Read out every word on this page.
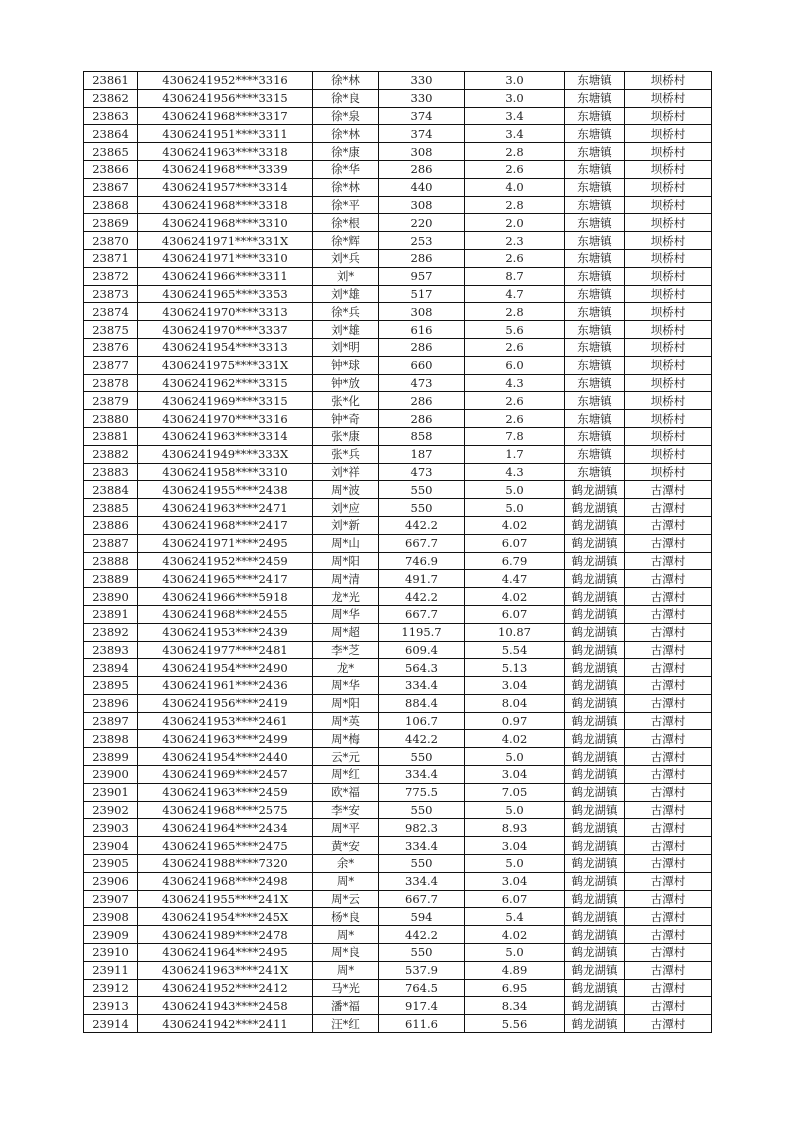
23861	4306241952****3316	徐*林	330	3.0	东塘镇	坝桥村
23862	4306241956****3315	徐*良	330	3.0	东塘镇	坝桥村
23863	4306241968****3317	徐*泉	374	3.4	东塘镇	坝桥村
23864	4306241951****3311	徐*林	374	3.4	东塘镇	坝桥村
23865	4306241963****3318	徐*康	308	2.8	东塘镇	坝桥村
23866	4306241968****3339	徐*华	286	2.6	东塘镇	坝桥村
23867	4306241957****3314	徐*林	440	4.0	东塘镇	坝桥村
23868	4306241968****3318	徐*平	308	2.8	东塘镇	坝桥村
23869	4306241968****3310	徐*根	220	2.0	东塘镇	坝桥村
23870	4306241971****331X	徐*辉	253	2.3	东塘镇	坝桥村
23871	4306241971****3310	刘*兵	286	2.6	东塘镇	坝桥村
23872	4306241966****3311	刘*	957	8.7	东塘镇	坝桥村
23873	4306241965****3353	刘*雄	517	4.7	东塘镇	坝桥村
23874	4306241970****3313	徐*兵	308	2.8	东塘镇	坝桥村
23875	4306241970****3337	刘*雄	616	5.6	东塘镇	坝桥村
23876	4306241954****3313	刘*明	286	2.6	东塘镇	坝桥村
23877	4306241975****331X	钟*球	660	6.0	东塘镇	坝桥村
23878	4306241962****3315	钟*放	473	4.3	东塘镇	坝桥村
23879	4306241969****3315	张*化	286	2.6	东塘镇	坝桥村
23880	4306241970****3316	钟*奇	286	2.6	东塘镇	坝桥村
23881	4306241963****3314	张*康	858	7.8	东塘镇	坝桥村
23882	4306241949****333X	张*兵	187	1.7	东塘镇	坝桥村
23883	4306241958****3310	刘*祥	473	4.3	东塘镇	坝桥村
23884	4306241955****2438	周*波	550	5.0	鹤龙湖镇	古潭村
23885	4306241963****2471	刘*应	550	5.0	鹤龙湖镇	古潭村
23886	4306241968****2417	刘*新	442.2	4.02	鹤龙湖镇	古潭村
23887	4306241971****2495	周*山	667.7	6.07	鹤龙湖镇	古潭村
23888	4306241952****2459	周*阳	746.9	6.79	鹤龙湖镇	古潭村
23889	4306241965****2417	周*清	491.7	4.47	鹤龙湖镇	古潭村
23890	4306241966****5918	龙*光	442.2	4.02	鹤龙湖镇	古潭村
23891	4306241968****2455	周*华	667.7	6.07	鹤龙湖镇	古潭村
23892	4306241953****2439	周*超	1195.7	10.87	鹤龙湖镇	古潭村
23893	4306241977****2481	李*芝	609.4	5.54	鹤龙湖镇	古潭村
23894	4306241954****2490	龙*	564.3	5.13	鹤龙湖镇	古潭村
23895	4306241961****2436	周*华	334.4	3.04	鹤龙湖镇	古潭村
23896	4306241956****2419	周*阳	884.4	8.04	鹤龙湖镇	古潭村
23897	4306241953****2461	周*英	106.7	0.97	鹤龙湖镇	古潭村
23898	4306241963****2499	周*梅	442.2	4.02	鹤龙湖镇	古潭村
23899	4306241954****2440	云*元	550	5.0	鹤龙湖镇	古潭村
23900	4306241969****2457	周*红	334.4	3.04	鹤龙湖镇	古潭村
23901	4306241963****2459	欧*福	775.5	7.05	鹤龙湖镇	古潭村
23902	4306241968****2575	李*安	550	5.0	鹤龙湖镇	古潭村
23903	4306241964****2434	周*平	982.3	8.93	鹤龙湖镇	古潭村
23904	4306241965****2475	黄*安	334.4	3.04	鹤龙湖镇	古潭村
23905	4306241988****7320	余*	550	5.0	鹤龙湖镇	古潭村
23906	4306241968****2498	周*	334.4	3.04	鹤龙湖镇	古潭村
23907	4306241955****241X	周*云	667.7	6.07	鹤龙湖镇	古潭村
23908	4306241954****245X	杨*良	594	5.4	鹤龙湖镇	古潭村
23909	4306241989****2478	周*	442.2	4.02	鹤龙湖镇	古潭村
23910	4306241964****2495	周*良	550	5.0	鹤龙湖镇	古潭村
23911	4306241963****241X	周*	537.9	4.89	鹤龙湖镇	古潭村
23912	4306241952****2412	马*光	764.5	6.95	鹤龙湖镇	古潭村
23913	4306241943****2458	潘*福	917.4	8.34	鹤龙湖镇	古潭村
23914	4306241942****2411	汪*红	611.6	5.56	鹤龙湖镇	古潭村
